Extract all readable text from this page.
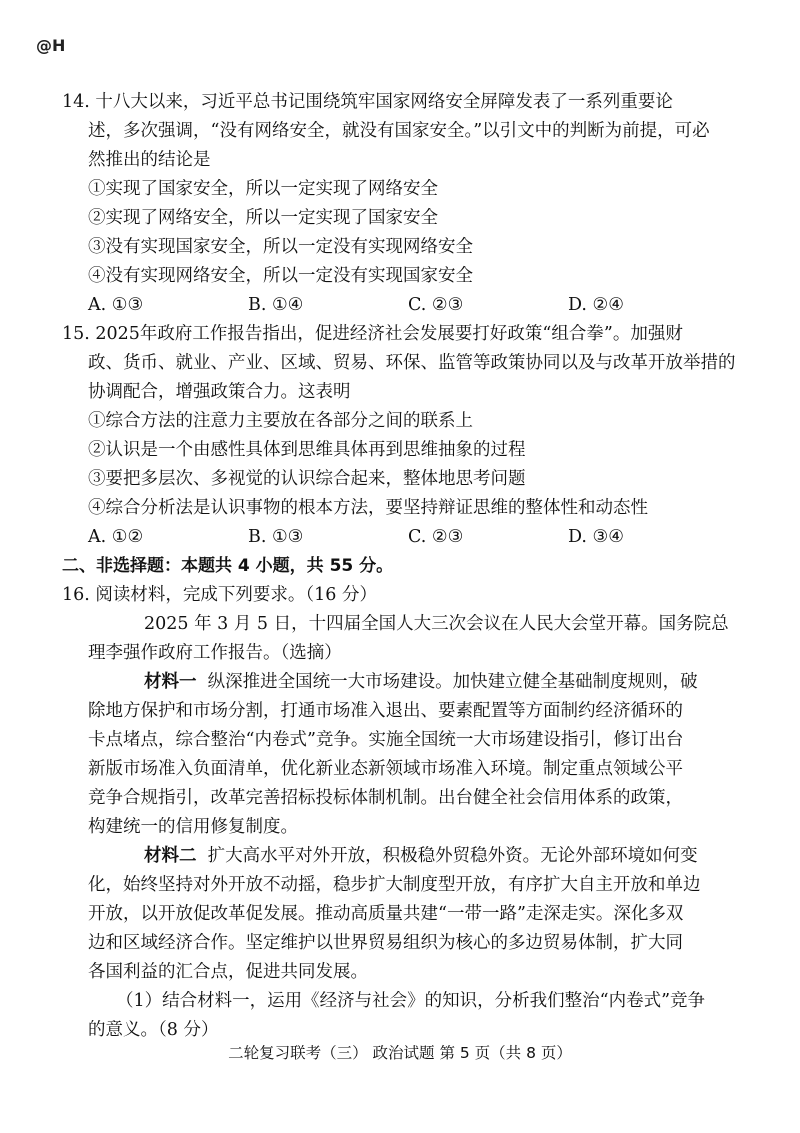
@H
14. 十八大以来，习近平总书记围绕筑牢国家网络安全屏障发表了一系列重要论
述，多次强调，“没有网络安全，就没有国家安全。”以引文中的判断为前提，可必
然推出的结论是
①实现了国家安全，所以一定实现了网络安全
②实现了网络安全，所以一定实现了国家安全
③没有实现国家安全，所以一定没有实现网络安全
④没有实现网络安全，所以一定没有实现国家安全
A. ①③	B. ①④	C. ②③	D. ②④
15. 2025年政府工作报告指出，促进经济社会发展要打好政策“组合拳”。加强财
政、货币、就业、产业、区域、贸易、环保、监管等政策协同以及与改革开放举措的
协调配合，增强政策合力。这表明
①综合方法的注意力主要放在各部分之间的联系上
②认识是一个由感性具体到思维具体再到思维抽象的过程
③要把多层次、多视觉的认识综合起来，整体地思考问题
④综合分析法是认识事物的根本方法，要坚持辩证思维的整体性和动态性
A. ①②	B. ①③	C. ②③	D. ③④
二、非选择题：本题共 4 小题，共 55 分。
16. 阅读材料，完成下列要求。（16 分）
2025 年 3 月 5 日，十四届全国人大三次会议在人民大会堂开幕。国务院总
理李强作政府工作报告。（选摘）
材料一 纵深推进全国统一大市场建设。加快建立健全基础制度规则，破
除地方保护和市场分割，打通市场准入退出、要素配置等方面制约经济循环的
卡点堵点，综合整治“内卷式”竞争。实施全国统一大市场建设指引，修订出台
新版市场准入负面清单，优化新业态新领域市场准入环境。制定重点领域公平
竞争合规指引，改革完善招标投标体制机制。出台健全社会信用体系的政策，
构建统一的信用修复制度。
材料二 扩大高水平对外开放，积极稳外贸稳外资。无论外部环境如何变
化，始终坚持对外开放不动摇，稳步扩大制度型开放，有序扩大自主开放和单边
开放，以开放促改革促发展。推动高质量共建“一带一路”走深走实。深化多双
边和区域经济合作。坚定维护以世界贸易组织为核心的多边贸易体制，扩大同
各国利益的汇合点，促进共同发展。
（1）结合材料一，运用《经济与社会》的知识，分析我们整治“内卷式”竞争
的意义。（8 分）
二轮复习联考（三） 政治试题 第 5 页（共 8 页）
